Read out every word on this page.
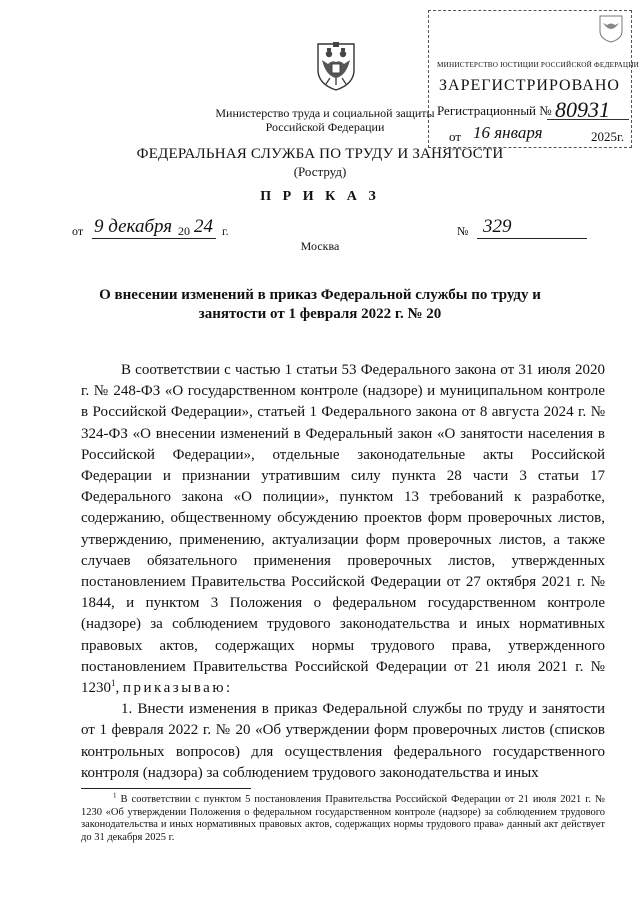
МИНИСТЕРСТВО ЮСТИЦИИ РОССИЙСКОЙ ФЕДЕРАЦИИ
ЗАРЕГИСТРИРОВАНО
Регистрационный № 80931
от 16 января	2025г.
Министерство труда и социальной защиты Российской Федерации
ФЕДЕРАЛЬНАЯ СЛУЖБА ПО ТРУДУ И ЗАНЯТОСТИ
(Роструд)
П Р И К А З
от 9 декабря 20 24 г.	№ 329
Москва
О внесении изменений в приказ Федеральной службы по труду и занятости от 1 февраля 2022 г. № 20

В соответствии с частью 1 статьи 53 Федерального закона от 31 июля 2020 г. № 248-ФЗ «О государственном контроле (надзоре) и муниципальном контроле в Российской Федерации», статьей 1 Федерального закона от 8 августа 2024 г. № 324-ФЗ «О внесении изменений в Федеральный закон «О занятости населения в Российской Федерации», отдельные законодательные акты Российской Федерации и признании утратившим силу пункта 28 части 3 статьи 17 Федерального закона «О полиции», пунктом 13 требований к разработке, содержанию, общественному обсуждению проектов форм проверочных листов, утверждению, применению, актуализации форм проверочных листов, а также случаев обязательного применения проверочных листов, утвержденных постановлением Правительства Российской Федерации от 27 октября 2021 г. № 1844, и пунктом 3 Положения о федеральном государственном контроле (надзоре) за соблюдением трудового законодательства и иных нормативных правовых актов, содержащих нормы трудового права, утвержденного постановлением Правительства Российской Федерации от 21 июля 2021 г. № 1230$^1$, приказываю:

1. Внести изменения в приказ Федеральной службы по труду и занятости от 1 февраля 2022 г. № 20 «Об утверждении форм проверочных листов (списков контрольных вопросов) для осуществления федерального государственного контроля (надзора) за соблюдением трудового законодательства и иных

$^1$ В соответствии с пунктом 5 постановления Правительства Российской Федерации от 21 июля 2021 г. № 1230 «Об утверждении Положения о федеральном государственном контроле (надзоре) за соблюдением трудового законодательства и иных нормативных правовых актов, содержащих нормы трудового права» данный акт действует до 31 декабря 2025 г.
